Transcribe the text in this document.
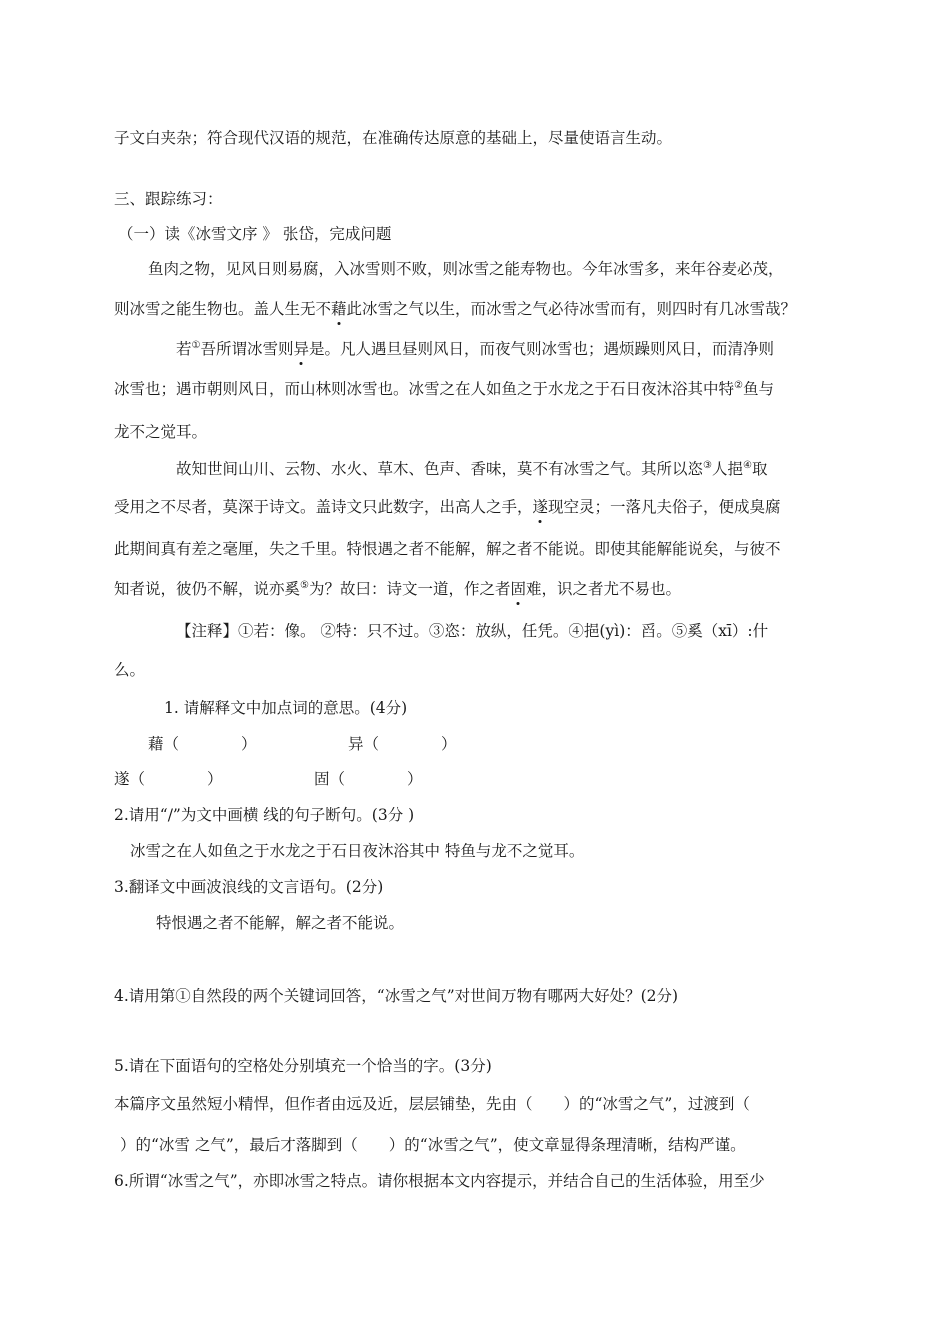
子文白夹杂；符合现代汉语的规范，在准确传达原意的基础上，尽量使语言生动。
三、跟踪练习：
（一）读《冰雪文序 》 张岱，完成问题
鱼肉之物，见风日则易腐，入冰雪则不败，则冰雪之能寿物也。今年冰雪多，来年谷麦必茂，
则冰雪之能生物也。盖人生无不藉此冰雪之气以生，而冰雪之气必待冰雪而有，则四时有几冰雪哉？
若①吾所谓冰雪则异是。凡人遇旦昼则风日，而夜气则冰雪也；遇烦躁则风日，而清净则
冰雪也；遇市朝则风日，而山林则冰雪也。冰雪之在人如鱼之于水龙之于石日夜沐浴其中特②鱼与
龙不之觉耳。
故知世间山川、云物、水火、草木、色声、香味，莫不有冰雪之气。其所以恣③人挹④取
受用之不尽者，莫深于诗文。盖诗文只此数字，出高人之手，遂现空灵；一落凡夫俗子，便成臭腐
此期间真有差之毫厘，失之千里。特恨遇之者不能解，解之者不能说。即使其能解能说矣，与彼不
知者说，彼仍不解，说亦奚⑤为？故曰：诗文一道，作之者固难，识之者尤不易也。
【注释】①若：像。 ②特：只不过。③恣：放纵，任凭。④挹(yì)：舀。⑤奚（xī）:什
么。
1. 请解释文中加点词的意思。(4分)
藉（　　　　）	异（　　　　）
遂（　　　　）	固（　　　　）
2.请用“/”为文中画横 线的句子断句。(3分 )
冰雪之在人如鱼之于水龙之于石日夜沐浴其中 特鱼与龙不之觉耳。
3.翻译文中画波浪线的文言语句。(2分)
特恨遇之者不能解，解之者不能说。
4.请用第①自然段的两个关键词回答，“冰雪之气”对世间万物有哪两大好处？(2分)
5.请在下面语句的空格处分别填充一个恰当的字。(3分)
本篇序文虽然短小精悍，但作者由远及近，层层铺垫，先由（　　）的“冰雪之气”，过渡到（
）的“冰雪 之气”，最后才落脚到（　　）的“冰雪之气”，使文章显得条理清晰，结构严谨。
6.所谓“冰雪之气”，亦即冰雪之特点。请你根据本文内容提示，并结合自己的生活体验，用至少
